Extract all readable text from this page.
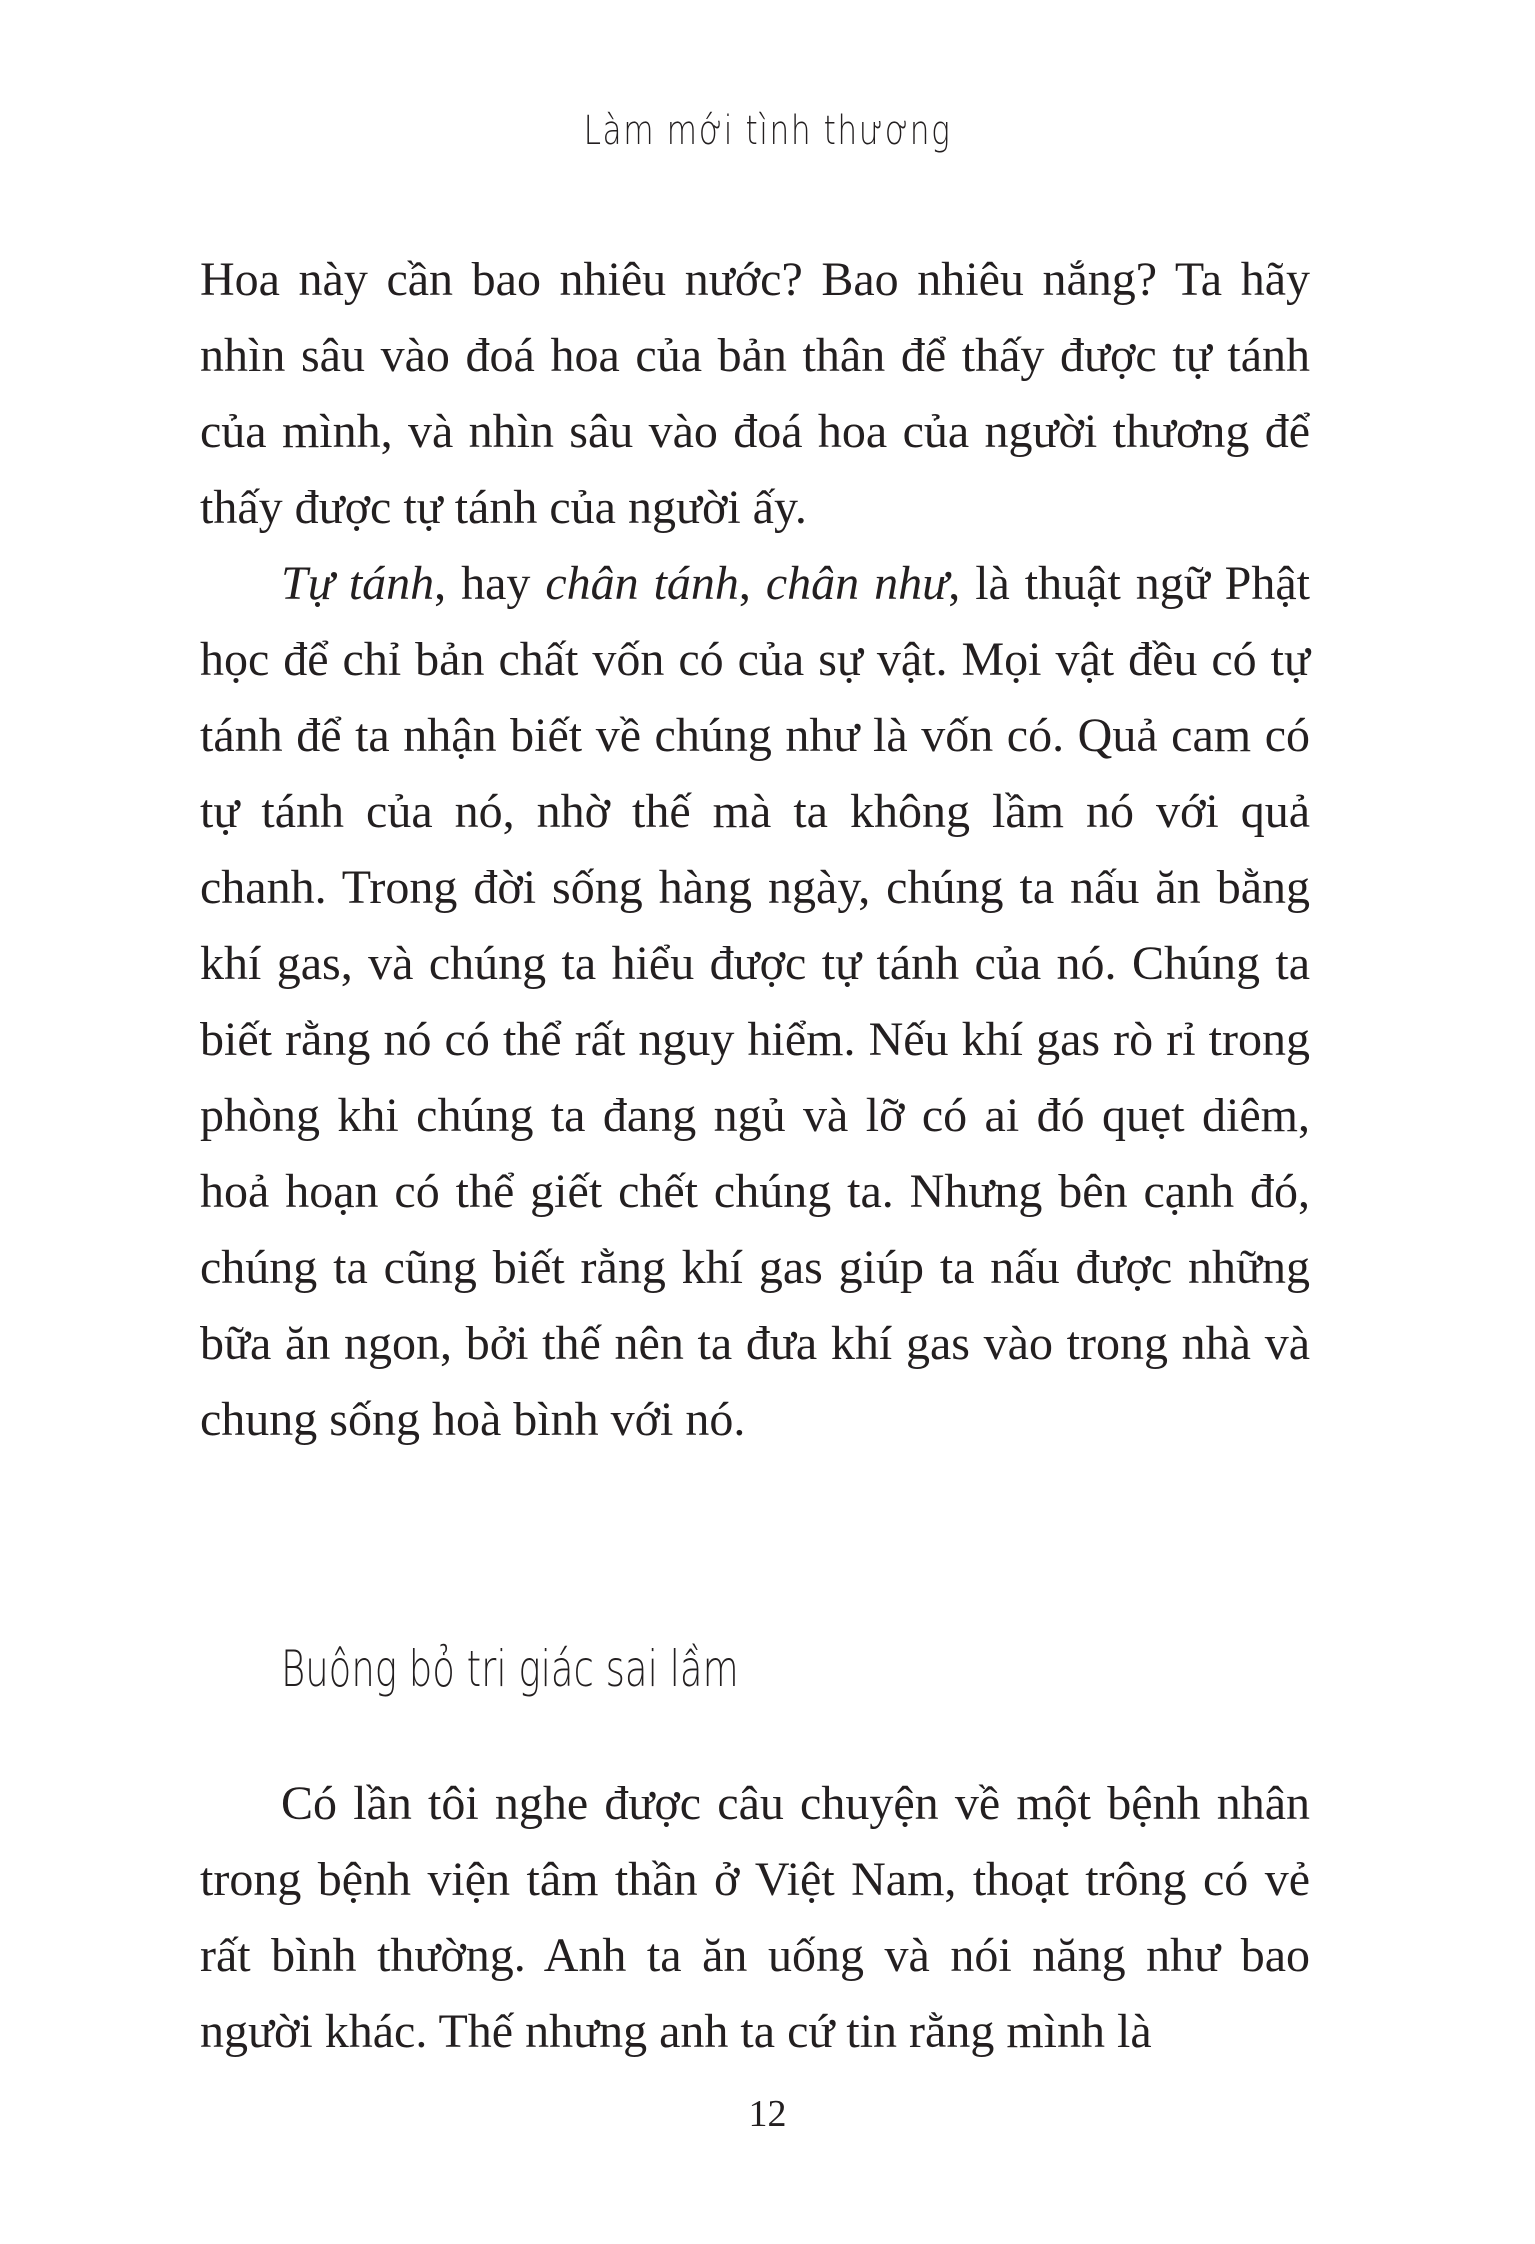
Làm mới tình thương

Hoa này cần bao nhiêu nước? Bao nhiêu nắng? Ta hãy nhìn sâu vào đoá hoa của bản thân để thấy được tự tánh của mình, và nhìn sâu vào đoá hoa của người thương để thấy được tự tánh của người ấy.

Tự tánh, hay chân tánh, chân như, là thuật ngữ Phật học để chỉ bản chất vốn có của sự vật. Mọi vật đều có tự tánh để ta nhận biết về chúng như là vốn có. Quả cam có tự tánh của nó, nhờ thế mà ta không lầm nó với quả chanh. Trong đời sống hàng ngày, chúng ta nấu ăn bằng khí gas, và chúng ta hiểu được tự tánh của nó. Chúng ta biết rằng nó có thể rất nguy hiểm. Nếu khí gas rò rỉ trong phòng khi chúng ta đang ngủ và lỡ có ai đó quẹt diêm, hoả hoạn có thể giết chết chúng ta. Nhưng bên cạnh đó, chúng ta cũng biết rằng khí gas giúp ta nấu được những bữa ăn ngon, bởi thế nên ta đưa khí gas vào trong nhà và chung sống hoà bình với nó.

Buông bỏ tri giác sai lầm

Có lần tôi nghe được câu chuyện về một bệnh nhân trong bệnh viện tâm thần ở Việt Nam, thoạt trông có vẻ rất bình thường. Anh ta ăn uống và nói năng như bao người khác. Thế nhưng anh ta cứ tin rằng mình là

12
